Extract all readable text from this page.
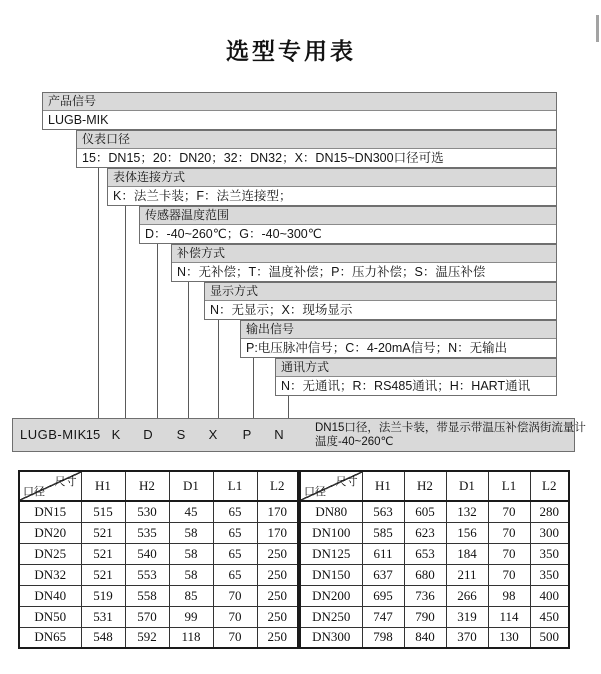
选型专用表
产品信号
LUGB-MIK
仪表口径
15：DN15；20：DN20；32：DN32；X：DN15~DN300口径可选
表体连接方式
K：法兰卡装；F：法兰连接型；
传感器温度范围
D：-40~260℃；G：-40~300℃
补偿方式
N：无补偿；T：温度补偿；P：压力补偿；S：温压补偿
显示方式
N：无显示；X：现场显示
输出信号
P:电压脉冲信号；C：4-20mA信号；N：无输出
通讯方式
N：无通讯；R：RS485通讯；H：HART通讯
LUGB-MIK
15 K	D	S	X	P	N	DN15口径，法兰卡装，带显示带温压补偿涡街流量计
温度-40~260℃
尺寸
口径	H1	H2	D1	L1	L2
DN15	515	530	45	65	170
DN20	521	535	58	65	170
DN25	521	540	58	65	250
DN32	521	553	58	65	250
DN40	519	558	85	70	250
DN50	531	570	99	70	250
DN65	548	592	118	70	250
尺寸
口径	H1	H2	D1	L1	L2
DN80	563	605	132	70	280
DN100	585	623	156	70	300
DN125	611	653	184	70	350
DN150	637	680	211	70	350
DN200	695	736	266	98	400
DN250	747	790	319	114	450
DN300	798	840	370	130	500
